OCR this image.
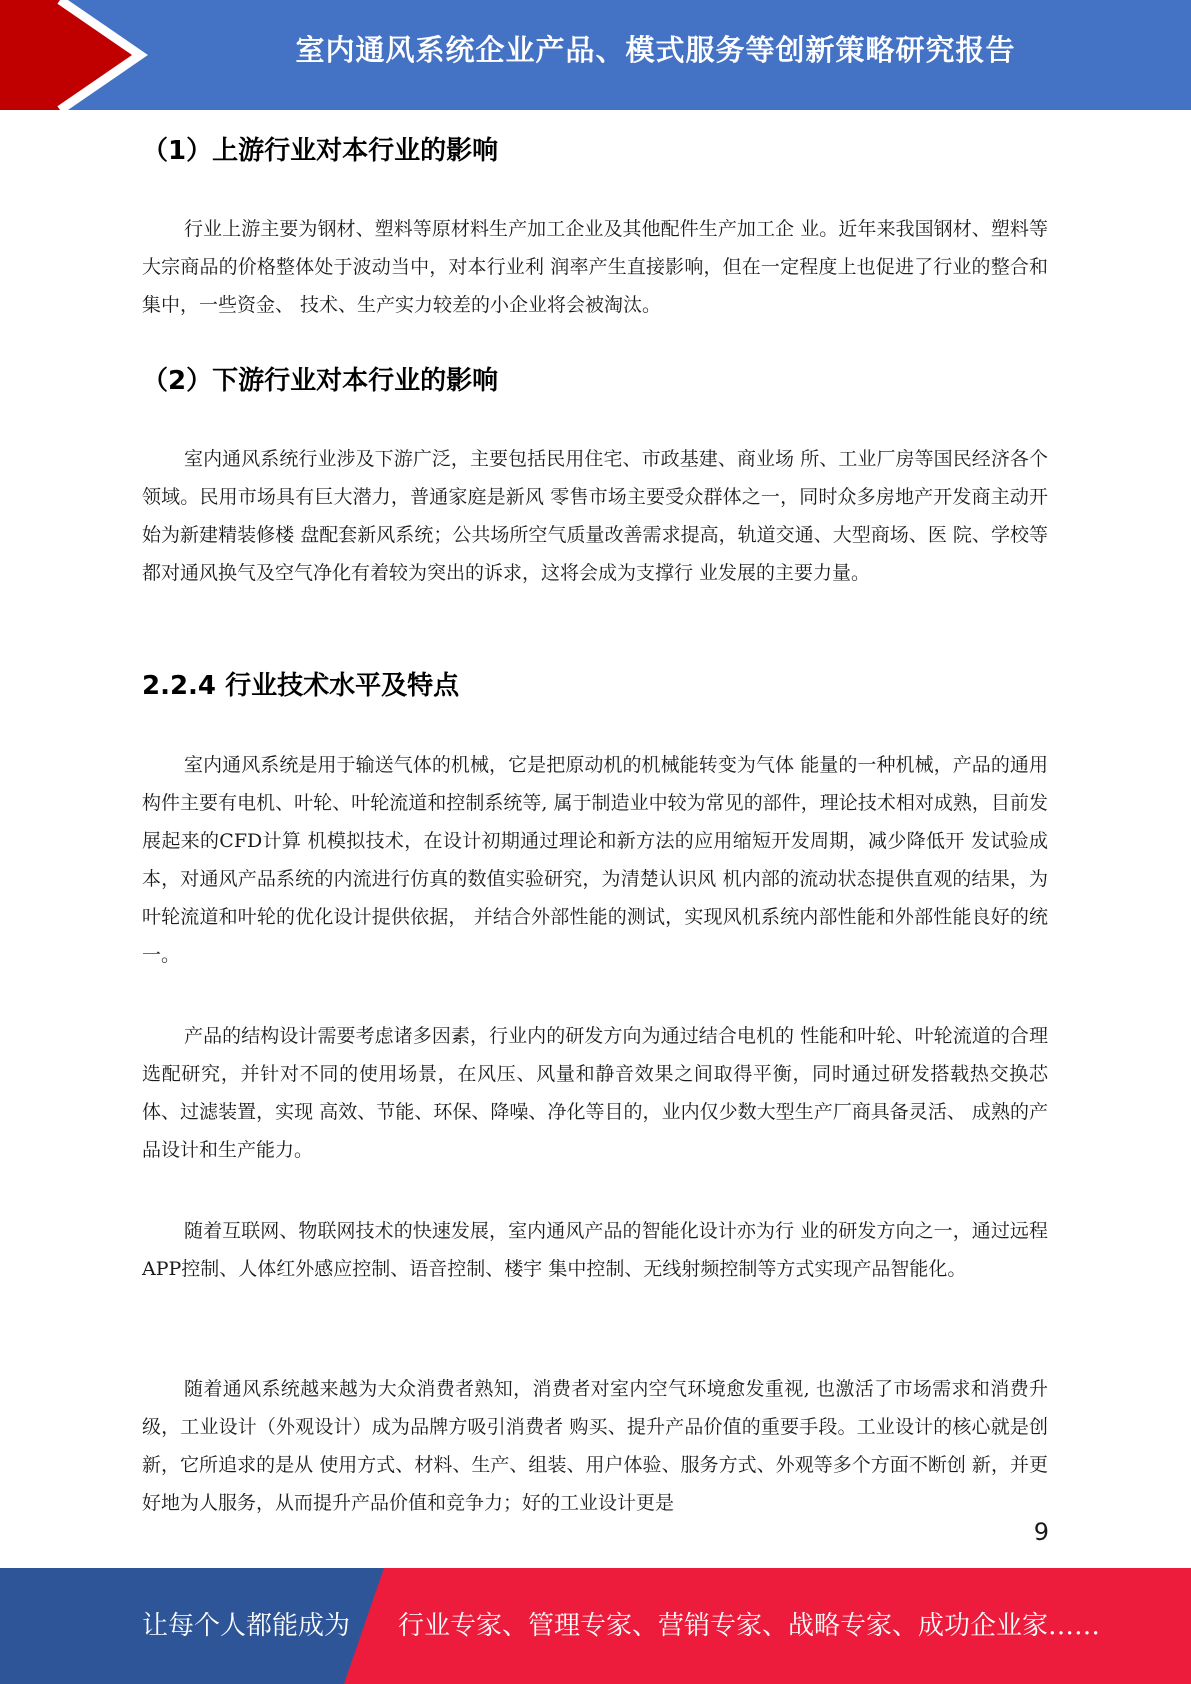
室内通风系统企业产品、模式服务等创新策略研究报告
（1）上游行业对本行业的影响

行业上游主要为钢材、塑料等原材料生产加工企业及其他配件生产加工企 业。近年来我国钢材、塑料等大宗商品的价格整体处于波动当中，对本行业利 润率产生直接影响，但在一定程度上也促进了行业的整合和集中，一些资金、 技术、生产实力较差的小企业将会被淘汰。

（2）下游行业对本行业的影响

室内通风系统行业涉及下游广泛，主要包括民用住宅、市政基建、商业场 所、工业厂房等国民经济各个领域。民用市场具有巨大潜力，普通家庭是新风 零售市场主要受众群体之一，同时众多房地产开发商主动开始为新建精装修楼 盘配套新风系统；公共场所空气质量改善需求提高，轨道交通、大型商场、医 院、学校等都对通风换气及空气净化有着较为突出的诉求，这将会成为支撑行 业发展的主要力量。

2.2.4 行业技术水平及特点

室内通风系统是用于输送气体的机械，它是把原动机的机械能转变为气体 能量的一种机械，产品的通用构件主要有电机、叶轮、叶轮流道和控制系统等, 属于制造业中较为常见的部件，理论技术相对成熟，目前发展起来的CFD计算 机模拟技术，在设计初期通过理论和新方法的应用缩短开发周期，减少降低开 发试验成本，对通风产品系统的内流进行仿真的数值实验研究，为清楚认识风 机内部的流动状态提供直观的结果，为叶轮流道和叶轮的优化设计提供依据， 并结合外部性能的测试，实现风机系统内部性能和外部性能良好的统一。

产品的结构设计需要考虑诸多因素，行业内的研发方向为通过结合电机的 性能和叶轮、叶轮流道的合理选配研究，并针对不同的使用场景，在风压、风量和静音效果之间取得平衡，同时通过研发搭载热交换芯体、过滤装置，实现 高效、节能、环保、降噪、净化等目的，业内仅少数大型生产厂商具备灵活、 成熟的产品设计和生产能力。

随着互联网、物联网技术的快速发展，室内通风产品的智能化设计亦为行 业的研发方向之一，通过远程APP控制、人体红外感应控制、语音控制、楼宇 集中控制、无线射频控制等方式实现产品智能化。

随着通风系统越来越为大众消费者熟知，消费者对室内空气环境愈发重视, 也激活了市场需求和消费升级，工业设计（外观设计）成为品牌方吸引消费者 购买、提升产品价值的重要手段。工业设计的核心就是创新，它所追求的是从 使用方式、材料、生产、组装、用户体验、服务方式、外观等多个方面不断创 新，并更好地为人服务，从而提升产品价值和竞争力；好的工业设计更是

9
让每个人都能成为 行业专家、管理专家、营销专家、战略专家、成功企业家……
